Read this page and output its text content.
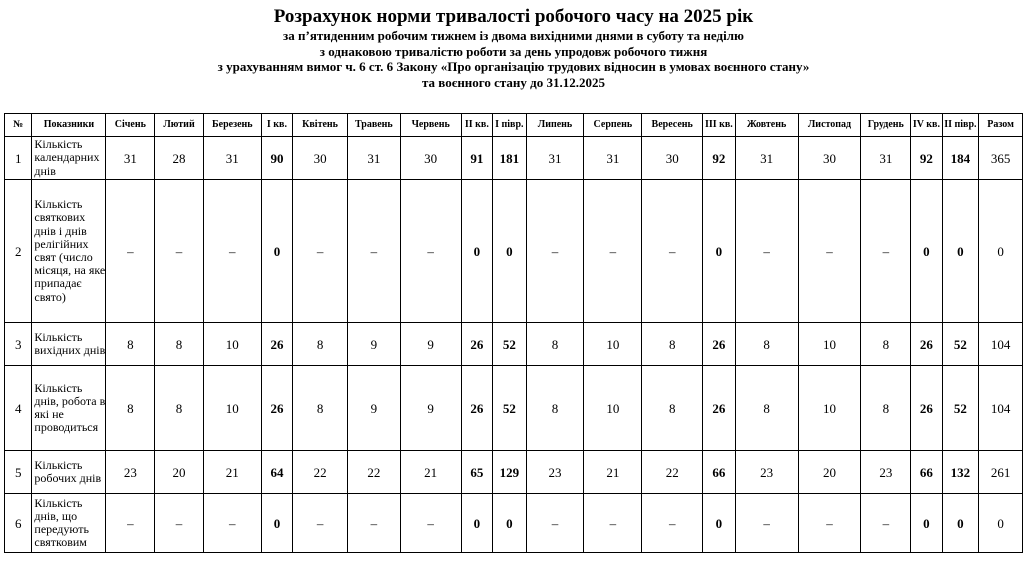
Розрахунок норми тривалості робочого часу на 2025 рік
за п’ятиденним робочим тижнем із двома вихідними днями в суботу та неділю
з однаковою тривалістю роботи за день упродовж робочого тижня
з урахуванням вимог ч. 6 ст. 6 Закону «Про організацію трудових відносин в умовах воєнного стану»
та воєнного стану до 31.12.2025
№	Показники	Січень	Лютий	Березень	І кв.	Квітень	Травень	Червень	ІІ кв.	І півр.	Липень	Серпень	Вересень	ІІІ кв.	Жовтень	Листопад	Грудень	IV кв.	ІІ півр.	Разом
1	Кількість календарних днів	31	28	31	90	30	31	30	91	181	31	31	30	92	31	30	31	92	184	365
2	Кількість святкових днів і днів релігійних свят (число місяця, на яке припадає свято)	–	–	–	0	–	–	–	0	0	–	–	–	0	–	–	–	0	0	0
3	Кількість вихідних днів	8	8	10	26	8	9	9	26	52	8	10	8	26	8	10	8	26	52	104
4	Кількість днів, робота в які не проводиться	8	8	10	26	8	9	9	26	52	8	10	8	26	8	10	8	26	52	104
5	Кількість робочих днів	23	20	21	64	22	22	21	65	129	23	21	22	66	23	20	23	66	132	261
6	Кількість днів, що передують святковим	–	–	–	0	–	–	–	0	0	–	–	–	0	–	–	–	0	0	0
